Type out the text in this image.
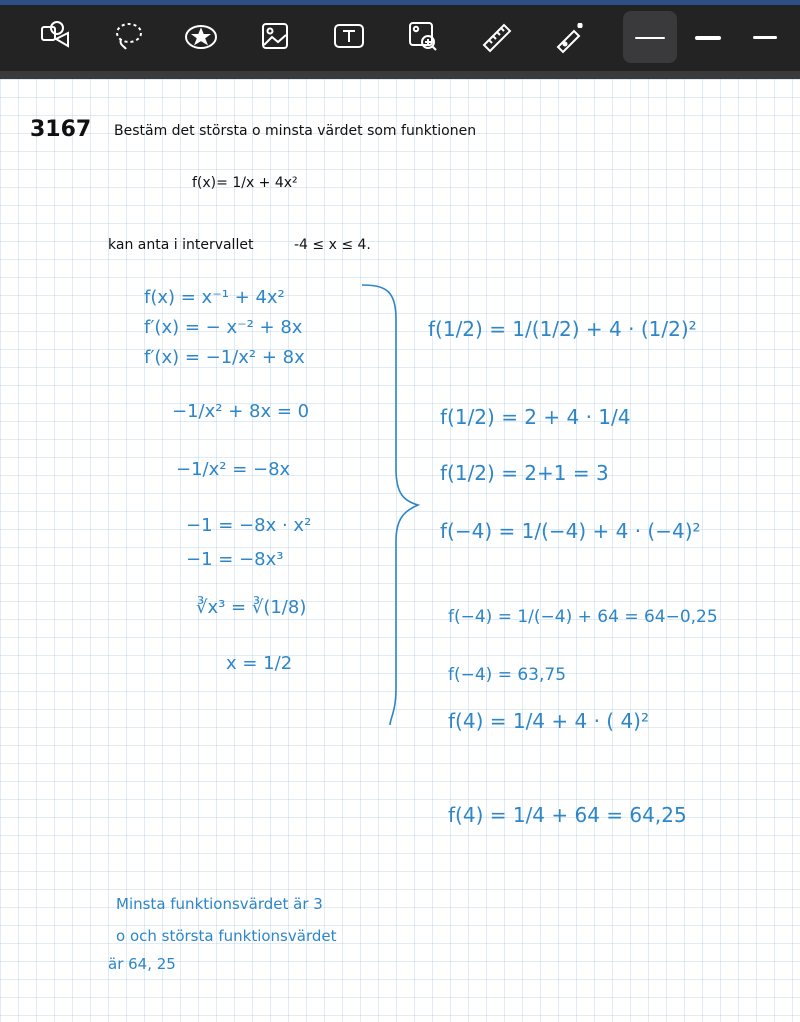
3167 Bestäm det största o minsta värdet som funktionen
f(x)= 1/x + 4x²
kan anta i intervallet	-4 ≤ x ≤ 4.
f(x) = x⁻¹ + 4x²
f′(x) = − x⁻² + 8x
f′(x) = −1/x² + 8x
−1/x² + 8x = 0
−1/x² = −8x
−1 = −8x · x²
−1 = −8x³
∛x³ = ∛(1/8)
x = 1/2
f(1/2) = 1/(1/2) + 4 · (1/2)²
f(1/2) = 2 + 4 · 1/4
f(1/2) = 2+1 = 3
f(−4) = 1/(−4) + 4 · (−4)²
f(−4) = 1/(−4) + 64 = 64−0,25
f(−4) = 63,75
f(4) = 1/4 + 4 · ( 4)²
f(4) = 1/4 + 64 = 64,25
Minsta funktionsvärdet är 3
o och största funktionsvärdet
är 64, 25
